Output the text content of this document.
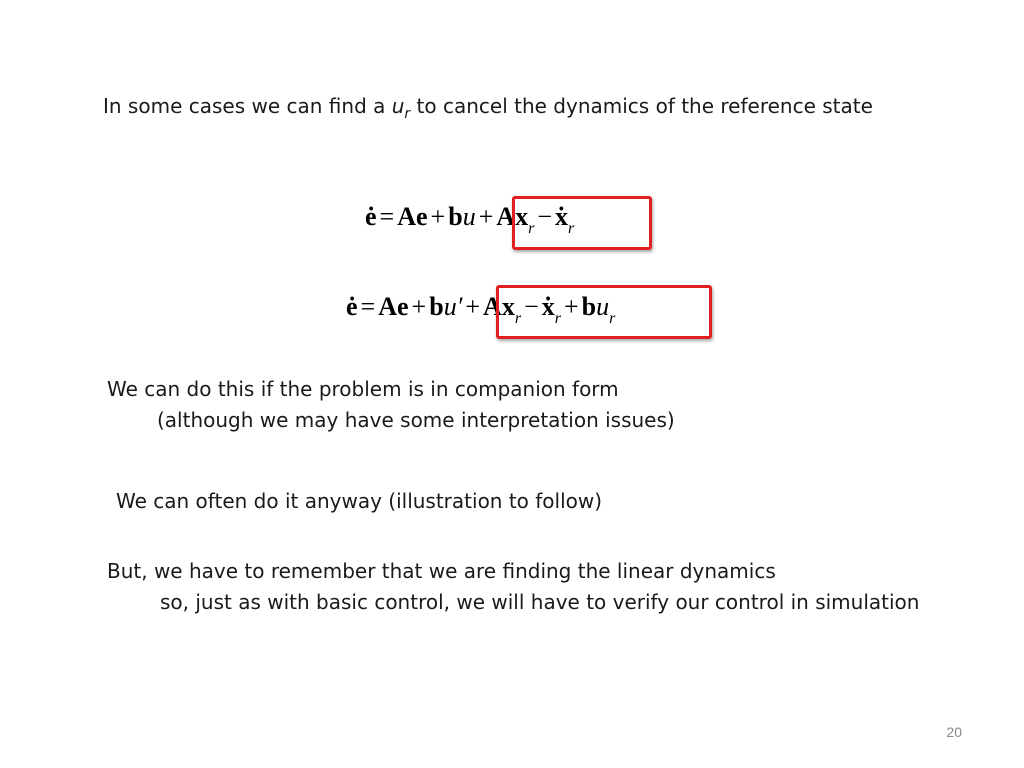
In some cases we can find a $u_r$ to cancel the dynamics of the reference state
ė = Ae + bu + $Ax_r$ − ẋ$_r$
ė = $Ae + bu' + Ax_r$ − ẋ$_r$ + $bu_r$
We can do this if the problem is in companion form
(although we may have some interpretation issues)
We can often do it anyway (illustration to follow)
But, we have to remember that we are finding the linear dynamics
so, just as with basic control, we will have to verify our control in simulation
20
